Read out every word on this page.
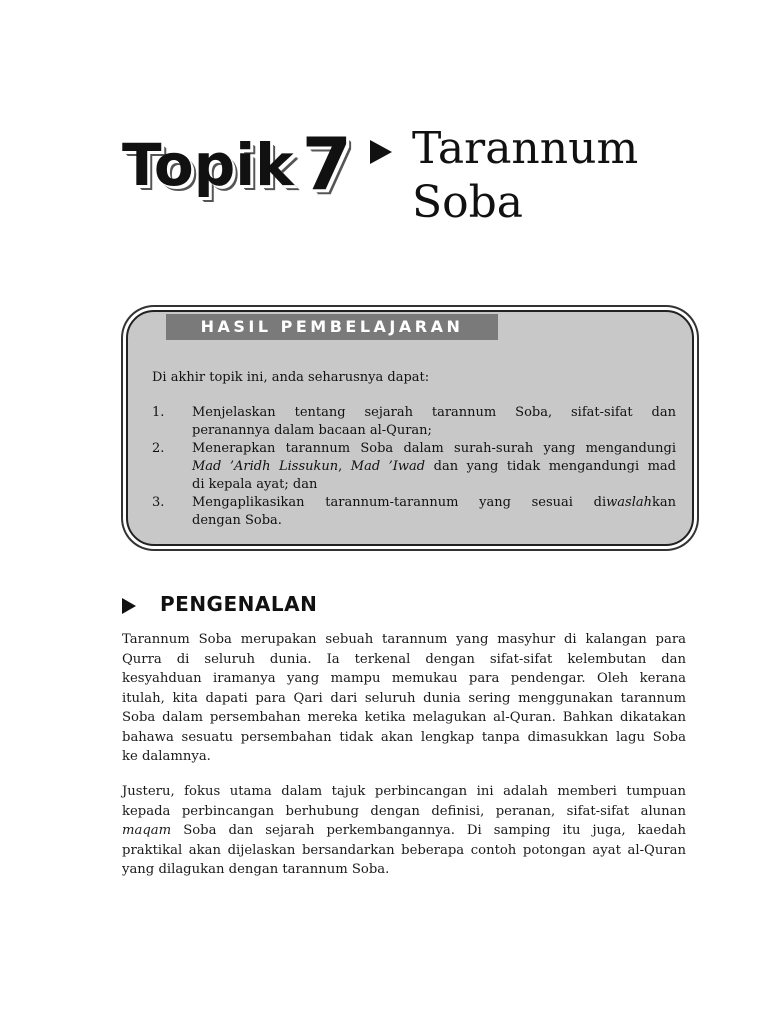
Topik 7 Tarannum
Soba
HASIL PEMBELAJARAN
Di akhir topik ini, anda seharusnya dapat:
1. Menjelaskan tentang sejarah tarannum Soba, sifat-sifat dan
peranannya dalam bacaan al-Quran;
2. Menerapkan tarannum Soba dalam surah-surah yang mengandungi
Mad ’Aridh Lissukun, Mad ’Iwad dan yang tidak mengandungi mad
di kepala ayat; dan
3. Mengaplikasikan tarannum-tarannum yang sesuai diwaslahkan
dengan Soba.
PENGENALAN
Tarannum Soba merupakan sebuah tarannum yang masyhur di kalangan para
Qurra di seluruh dunia. Ia terkenal dengan sifat-sifat kelembutan dan
kesyahduan iramanya yang mampu memukau para pendengar. Oleh kerana
itulah, kita dapati para Qari dari seluruh dunia sering menggunakan tarannum
Soba dalam persembahan mereka ketika melagukan al-Quran. Bahkan dikatakan
bahawa sesuatu persembahan tidak akan lengkap tanpa dimasukkan lagu Soba
ke dalamnya.
Justeru, fokus utama dalam tajuk perbincangan ini adalah memberi tumpuan
kepada perbincangan berhubung dengan definisi, peranan, sifat-sifat alunan
maqam Soba dan sejarah perkembangannya. Di samping itu juga, kaedah
praktikal akan dijelaskan bersandarkan beberapa contoh potongan ayat al-Quran
yang dilagukan dengan tarannum Soba.
